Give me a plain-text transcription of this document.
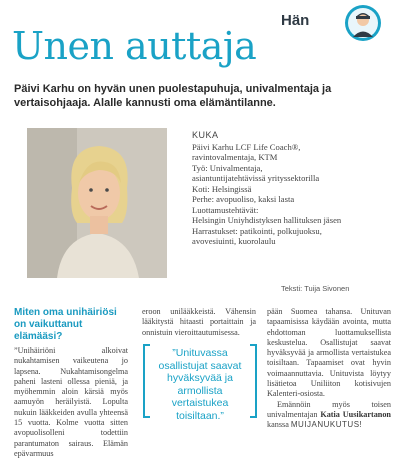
Hän
Unen auttaja
Päivi Karhu on hyvän unen puolestapuhuja, univalmentaja ja vertaisohjaaja. Alalle kannusti oma elämäntilanne.
KUKA
Päivi Karhu LCF Life Coach®,
ravintovalmentaja, KTM
Työ: Univalmentaja,
asiantuntijatehtävissä yrityssektorilla
Koti: Helsingissä
Perhe: avopuoliso, kaksi lasta
Luottamustehtävät:
Helsingin Uniyhdistyksen hallituksen jäsen
Harrastukset: patikointi, polkujuoksu,
avovesiuinti, kuorolaulu
Teksti: Tuija Sivonen
Miten oma unihäiriösi on vaikuttanut elämääsi?
”Unihäiriöni alkoivat nukahtamisen vaikeutena jo lapsena. Nukahtamisongelma paheni lasteni ollessa pieniä, ja myöhemmin aloin kärsiä myös aamuyön heräilyistä. Lopulta nukuin lääkkeiden avulla yhteensä 15 vuotta. Kolme vuotta sitten avopuolisolleni todettiin parantumaton sairaus. Elämän epävarmuus
eroon unilääkkeistä. Vähensin lääkitystä hitaasti portaittain ja onnistuin vieroittautumisessa.
”Unituvassa osallistujat saavat hyväksyvää ja armollista vertaistukea toisiltaan.”
pään Suomea tahansa. Unituvan tapaamisissa käydään avointa, mutta ehdottoman luottamuksellista keskustelua. Osallistujat saavat hyväksyvää ja armollista vertaistukea toisiltaan. Tapaamiset ovat hyvin voimaannuttavia. Unituvista löytyy lisätietoa Uniliiton kotisivujen Kalenteri-osiosta.
Emännöin myös toisen univalmentajan Katia Uusikartanon kanssa MUIJANUKUTUS!
